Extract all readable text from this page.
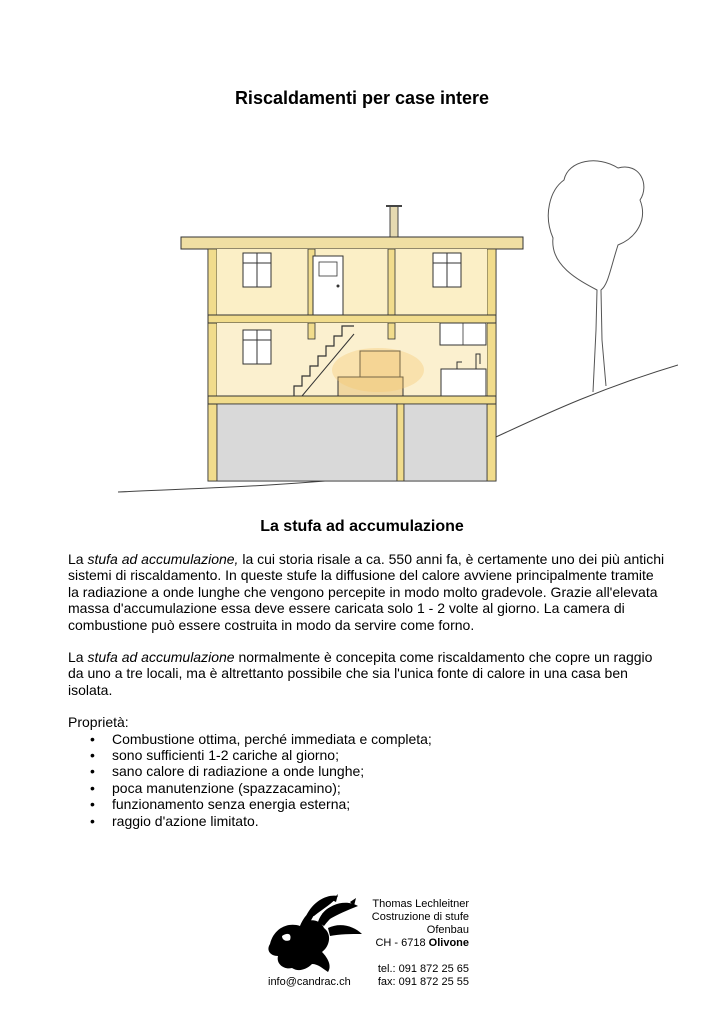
Riscaldamenti per case intere
La stufa ad accumulazione

La stufa ad accumulazione, la cui storia risale a ca. 550 anni fa, è certamente uno dei più antichi sistemi di riscaldamento. In queste stufe la diffusione del calore avviene principalmente tramite la radiazione a onde lunghe che vengono percepite in modo molto gradevole. Grazie all'elevata massa d'accumulazione essa deve essere caricata solo 1 - 2 volte al giorno. La camera di combustione può essere costruita in modo da servire come forno.

La stufa ad accumulazione normalmente è concepita come riscaldamento che copre un raggio da uno a tre locali, ma è altrettanto possibile che sia l'unica fonte di calore in una casa ben isolata.

Proprietà:

• Combustione ottima, perché immediata e completa;
• sono sufficienti 1-2 cariche al giorno;
• sano calore di radiazione a onde lunghe;
• poca manutenzione (spazzacamino);
• funzionamento senza energia esterna;
• raggio d'azione limitato.
Thomas Lechleitner
Costruzione di stufe
Ofenbau
CH - 6718 Olivone
tel.: 091 872 25 65
fax: 091 872 25 55
info@candrac.ch
